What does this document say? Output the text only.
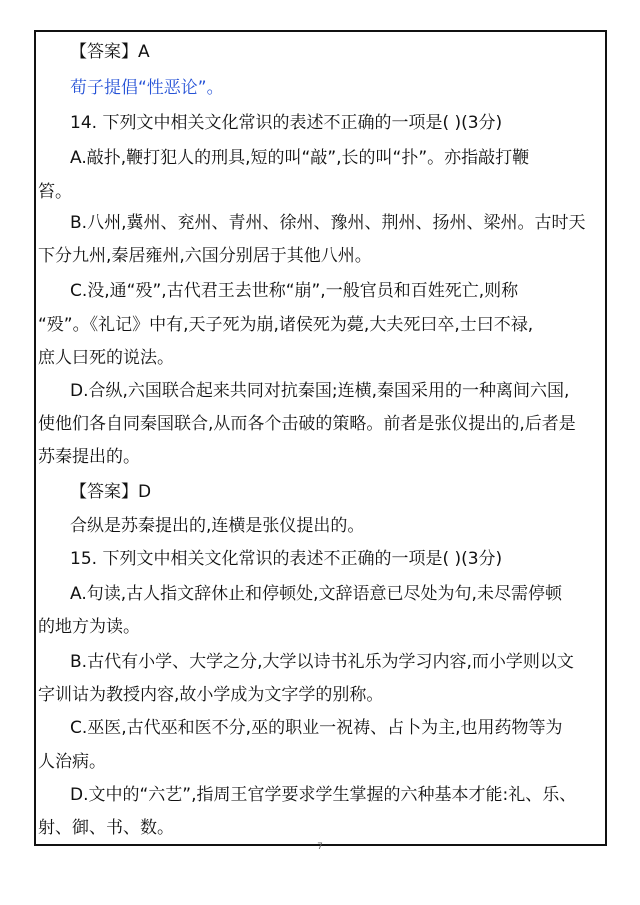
【答案】A
荀子提倡“性恶论”。
14. 下列文中相关文化常识的表述不正确的一项是( )(3分)
A.敲扑,鞭打犯人的刑具,短的叫“敲”,长的叫“扑”。亦指敲打鞭
笞。
B.八州,冀州、兖州、青州、徐州、豫州、荆州、扬州、梁州。古时天
下分九州,秦居雍州,六国分别居于其他八州。
C.没,通“殁”,古代君王去世称“崩”,一般官员和百姓死亡,则称
“殁”。《礼记》中有,天子死为崩,诸侯死为薨,大夫死曰卒,士曰不禄,
庶人曰死的说法。
D.合纵,六国联合起来共同对抗秦国;连横,秦国采用的一种离间六国,
使他们各自同秦国联合,从而各个击破的策略。前者是张仪提出的,后者是
苏秦提出的。
【答案】D
合纵是苏秦提出的,连横是张仪提出的。
15. 下列文中相关文化常识的表述不正确的一项是( )(3分)
A.句读,古人指文辞休止和停顿处,文辞语意已尽处为句,未尽需停顿
的地方为读。
B.古代有小学、大学之分,大学以诗书礼乐为学习内容,而小学则以文
字训诂为教授内容,故小学成为文字学的别称。
C.巫医,古代巫和医不分,巫的职业一祝祷、占卜为主,也用药物等为
人治病。
D.文中的“六艺”,指周王官学要求学生掌握的六种基本才能:礼、乐、
射、御、书、数。
7
